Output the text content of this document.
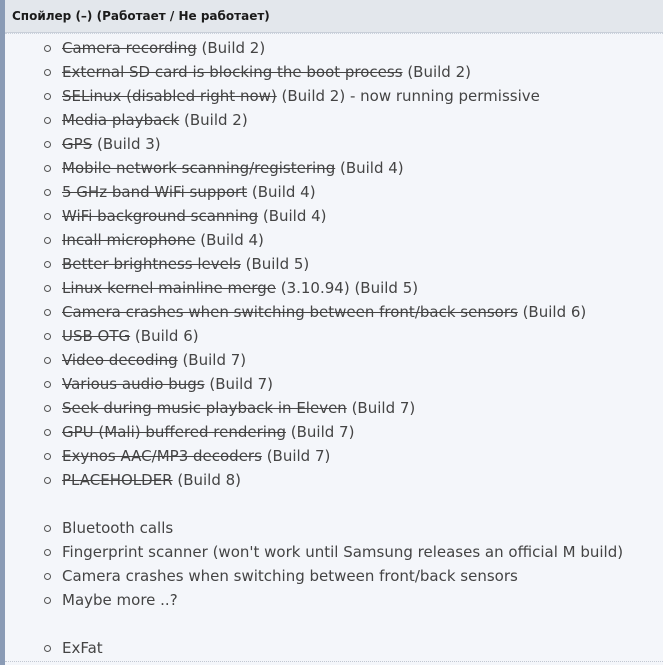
Спойлер (–) (Работает / Не работает)
Camera recording (Build 2)
External SD card is blocking the boot process (Build 2)
SELinux (disabled right now) (Build 2) - now running permissive
Media playback (Build 2)
GPS (Build 3)
Mobile network scanning/registering (Build 4)
5 GHz band WiFi support (Build 4)
WiFi background scanning (Build 4)
Incall microphone (Build 4)
Better brightness levels (Build 5)
Linux kernel mainline merge (3.10.94) (Build 5)
Camera crashes when switching between front/back sensors (Build 6)
USB OTG (Build 6)
Video decoding (Build 7)
Various audio bugs (Build 7)
Seek during music playback in Eleven (Build 7)
GPU (Mali) buffered rendering (Build 7)
Exynos AAC/MP3 decoders (Build 7)
PLACEHOLDER (Build 8)
Bluetooth calls
Fingerprint scanner (won't work until Samsung releases an official M build)
Camera crashes when switching between front/back sensors
Maybe more ..?
ExFat
